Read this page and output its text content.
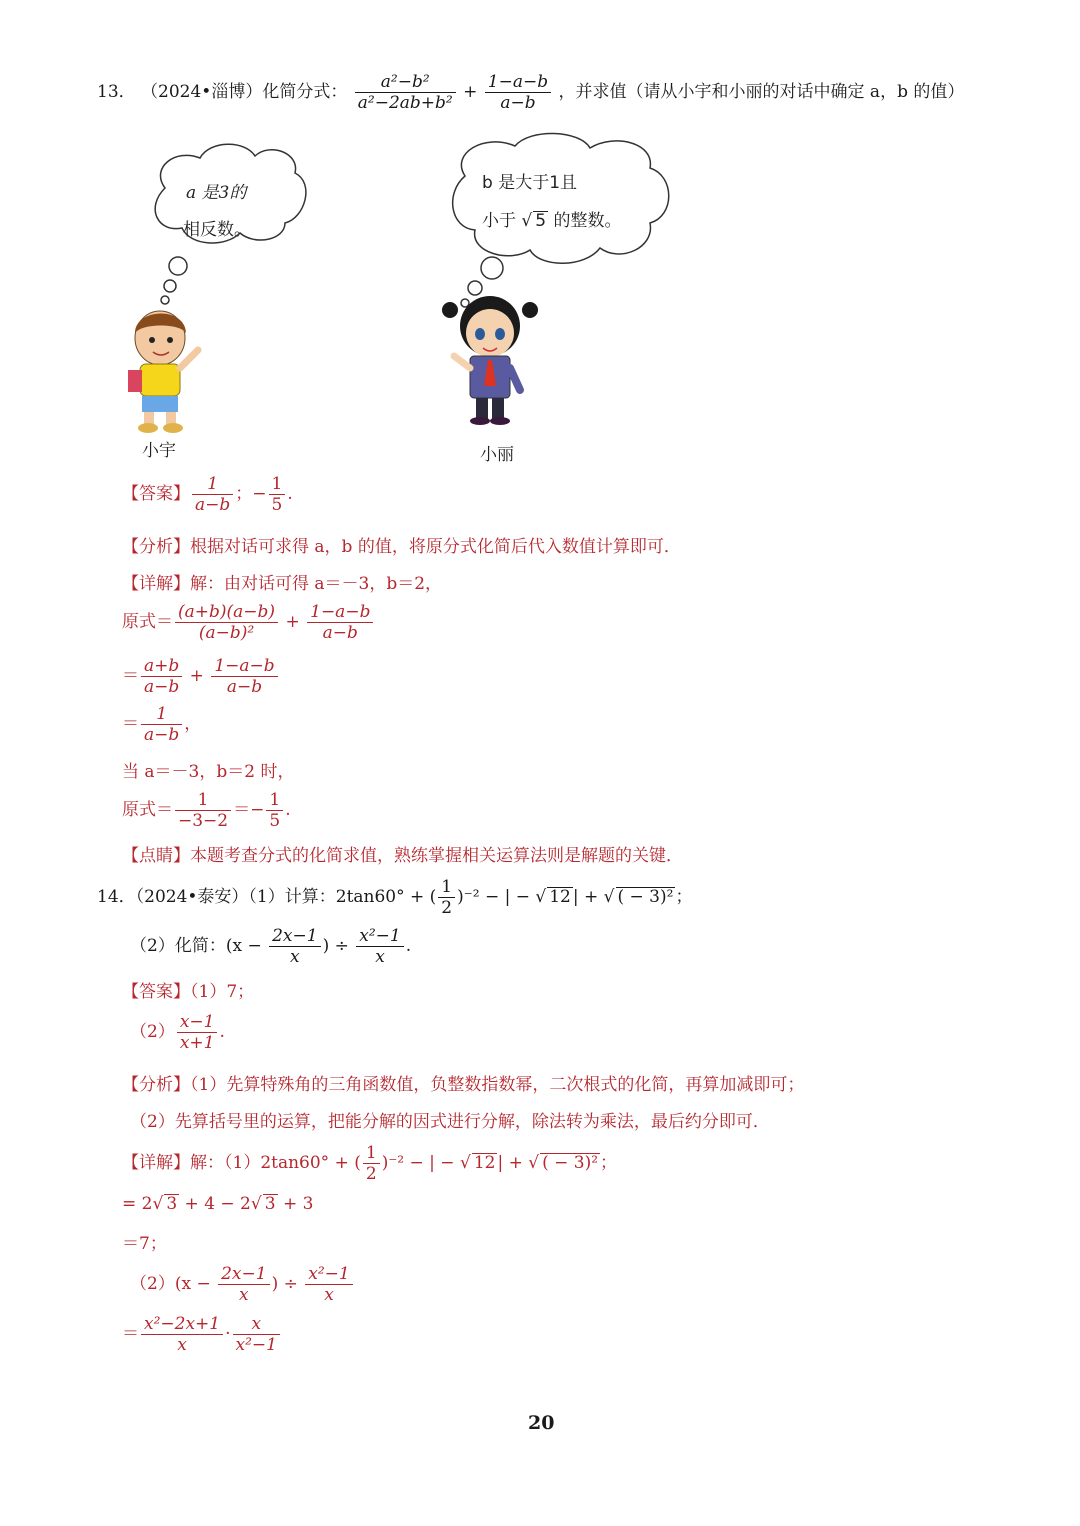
13． （2024•淄博）化简分式： $\frac{\text{a²−b²}}{\text{a²−2ab+b²}} + \frac{1-a-b}{a-b}$ ，并求值（请从小宇和小丽的对话中确定 a，b 的值）
a 是3的
相反数。
b 是大于1且
小于 √ 5 的整数。
小宇	小丽
【答案】 $\frac{1}{a-b}$ ；− $\frac{1}{5}$ .
【分析】根据对话可求得 a，b 的值，将原分式化简后代入数值计算即可．
【详解】解：由对话可得 a＝－3，b＝2，
原式＝ $\frac{(a+b)(a-b)}{\text{(a−b)²}} + \frac{1-a-b}{a-b}$
＝ $\frac{a+b}{a-b} + \frac{1-a-b}{a-b}$
＝ $\frac{1}{a-b}$ ，
当 a＝－3，b＝2 时，
原式＝ $\frac{1}{-3-2} =- \frac{1}{5}$ .
【点睛】本题考查分式的化简求值，熟练掌握相关运算法则是解题的关键．
14．（2024•泰安）（1）计算：2tan60° + ( $\frac{1}{2} )^{-2}$ − | − √ 12 | + √ ( − 3)² ；
（2）化简：($x - \frac{2x-1}{x}$ ) ÷ $\frac{\text{x²−1}}{x}$ .
【答案】（1）7；
$(2) \frac{x-1}{x+1}$ .
【分析】（1）先算特殊角的三角函数值，负整数指数幂，二次根式的化简，再算加减即可；
（2）先算括号里的运算，把能分解的因式进行分解，除法转为乘法，最后约分即可．
【详解】解：（1）2tan60° + ( $\frac{1}{2} )^{-2}$ − | − √ 12 | + √ ( − 3)² ；
= 2√ 3 + 4 − 2√ 3 + 3
＝7；
$(2)(x - \frac{2x-1}{x}$ ) ÷ $\frac{\text{x²−1}}{x}$
＝ $\frac{\text{x²−2x+1}}{x} \cdot \frac{x}{\text{x²−1}}$
20
